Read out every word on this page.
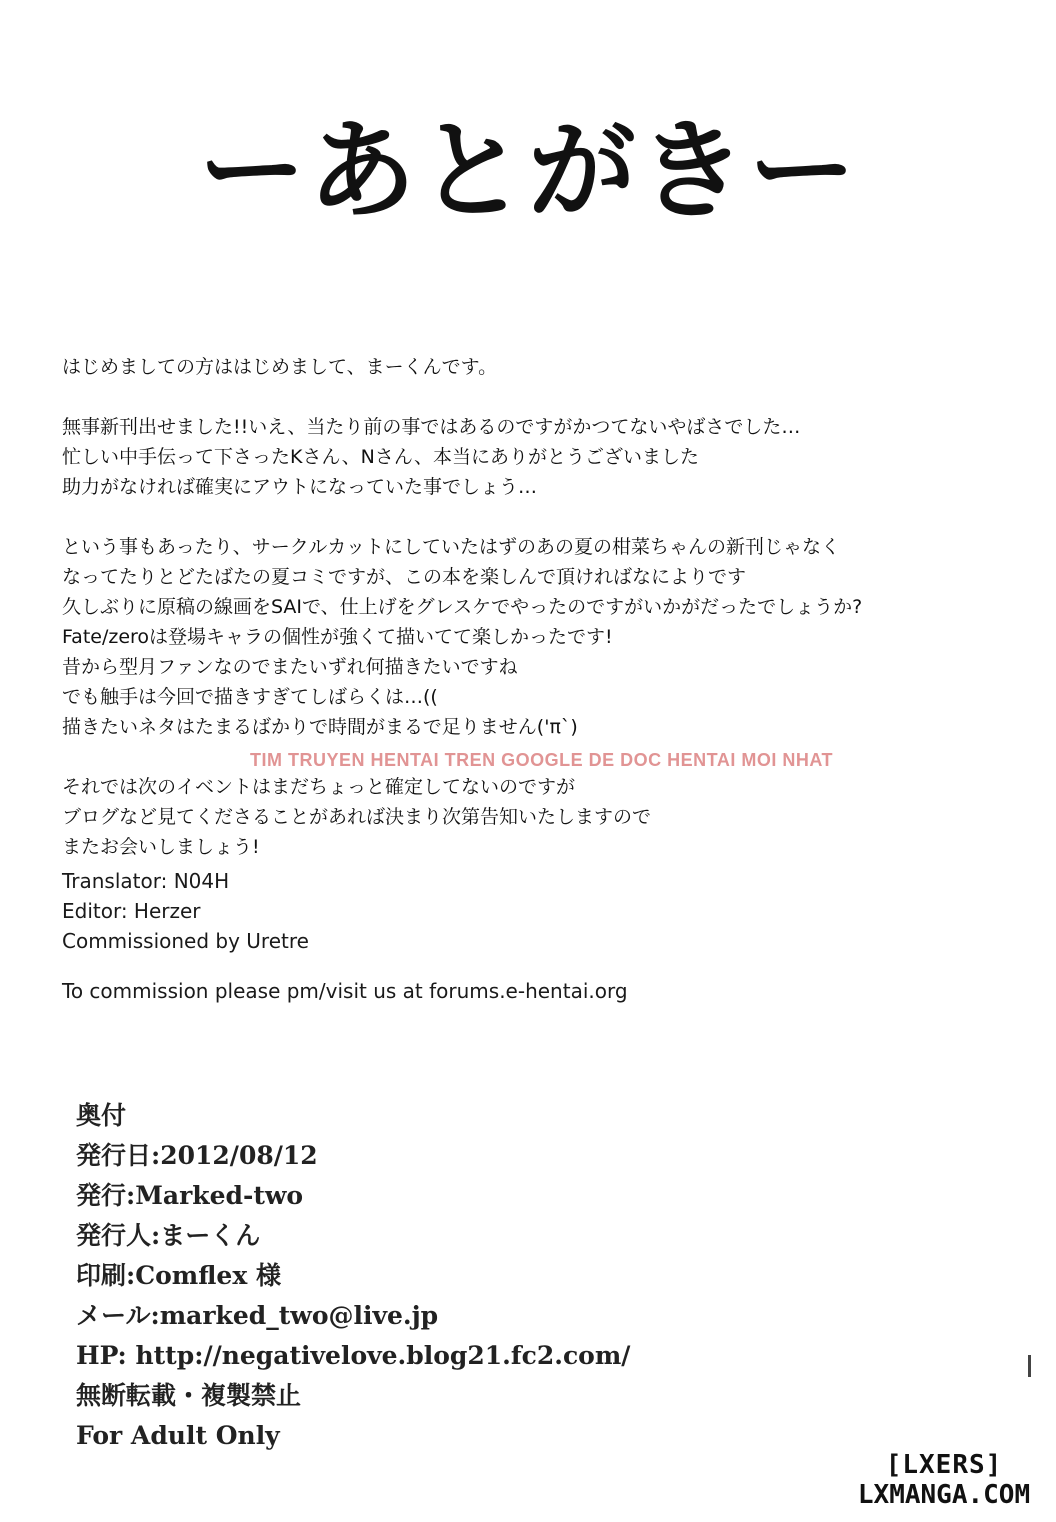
ーあとがきー

はじめましての方ははじめまして、まーくんです。

無事新刊出せました!!いえ、当たり前の事ではあるのですがかつてないやばさでした…
忙しい中手伝って下さったKさん、Nさん、本当にありがとうございました
助力がなければ確実にアウトになっていた事でしょう…

という事もあったり、サークルカットにしていたはずのあの夏の柑菜ちゃんの新刊じゃなく
なってたりとどたばたの夏コミですが、この本を楽しんで頂ければなによりです
久しぶりに原稿の線画をSAIで、仕上げをグレスケでやったのですがいかがだったでしょうか?
Fate/zeroは登場キャラの個性が強くて描いてて楽しかったです!
昔から型月ファンなのでまたいずれ何描きたいですね
でも触手は今回で描きすぎてしばらくは…((
描きたいネタはたまるばかりで時間がまるで足りません('π`)

それでは次のイベントはまだちょっと確定してないのですが
ブログなど見てくださることがあれば決まり次第告知いたしますので
またお会いしましょう!

TIM TRUYEN HENTAI TREN GOOGLE DE DOC HENTAI MOI NHAT
Translator: N04H
Editor: Herzer
Commissioned by Uretre
To commission please pm/visit us at forums.e-hentai.org
奥付
発行日:2012/08/12
発行:Marked-two
発行人:まーくん
印刷:Comflex 様
メール:marked_two@live.jp
HP: http://negativelove.blog21.fc2.com/
無断転載・複製禁止
For Adult Only
[LXERS]
LXMANGA.COM
